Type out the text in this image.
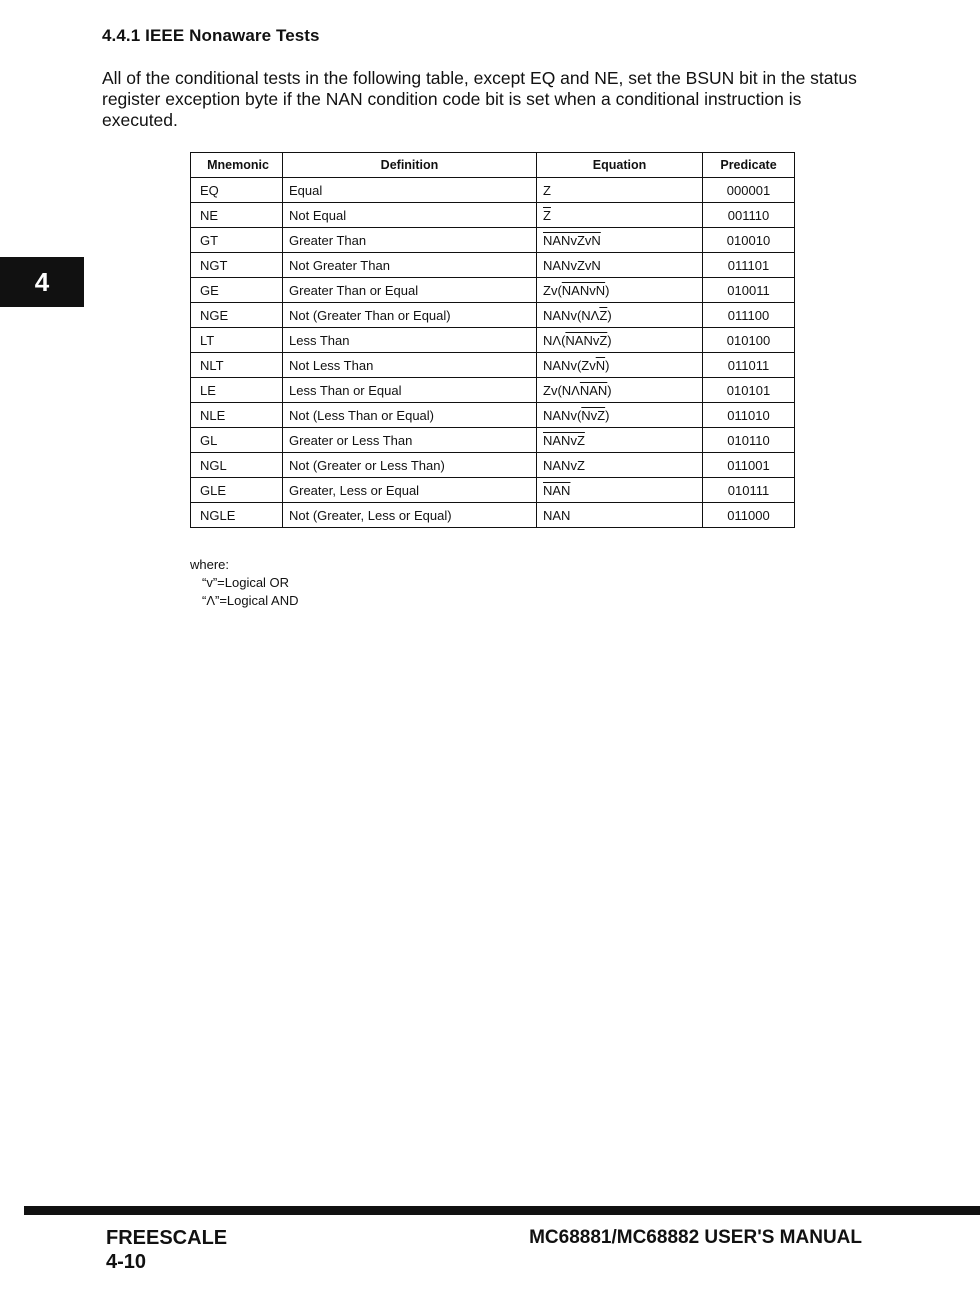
4.4.1 IEEE Nonaware Tests
All of the conditional tests in the following table, except EQ and NE, set the BSUN bit in the status register exception byte if the NAN condition code bit is set when a conditional instruction is executed.
4
Mnemonic	Definition	Equation	Predicate
EQ	Equal	Z	000001
NE	Not Equal	$\overline{Z}$	001110
GT	Greater Than	NANvZvN	010010
NGT	Not Greater Than	NANvZvN	011101
GE	Greater Than or Equal	Zv(NANvN)	010011
NGE	Not (Greater Than or Equal)	$NANv(N\Lambda\overline{Z})$	011100
LT	Less Than	NΛ(NANvZ)	010100
NLT	Not Less Than	$NANv(Zv\overline{N})$	011011
LE	Less Than or Equal	$Zv(N\Lambda\overline{NAN})$	010101
NLE	Not (Less Than or Equal)	$NANv(\overline{NvZ})$	011010
GL	Greater or Less Than	NANvZ	010110
NGL	Not (Greater or Less Than)	NANvZ	011001
GLE	Greater, Less or Equal	$\overline{NAN}$	010111
NGLE	Not (Greater, Less or Equal)	NAN	011000
where:
“v”=Logical OR
“Λ”=Logical AND
FREESCALE
4-10
MC68881/MC68882 USER'S MANUAL
